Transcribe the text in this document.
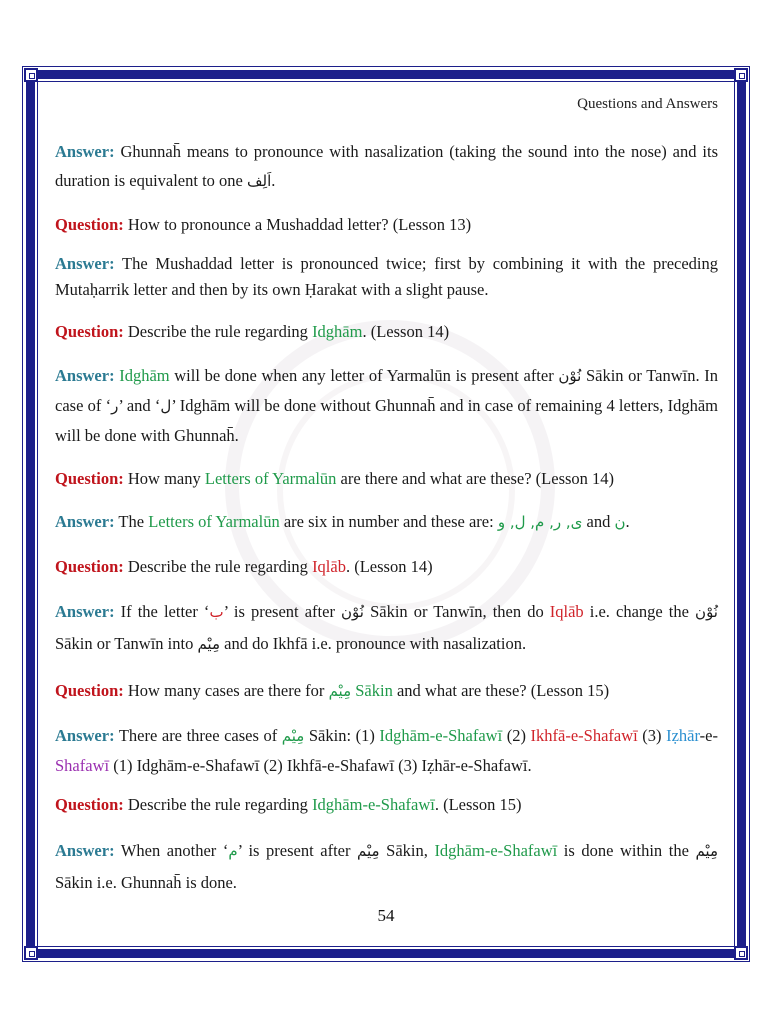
Questions and Answers
Answer: Ghunnah̄ means to pronounce with nasalization (taking the sound into the nose) and its duration is equivalent to one اَلِف.
Question: How to pronounce a Mushaddad letter? (Lesson 13)
Answer: The Mushaddad letter is pronounced twice; first by combining it with the preceding Mutaḥarrik letter and then by its own Ḥarakat with a slight pause.
Question: Describe the rule regarding Idghām. (Lesson 14)
Answer: Idghām will be done when any letter of Yarmalūn is present after نُوْن Sākin or Tanwīn. In case of ‘ر’ and ‘ل’ Idghām will be done without Ghunnah̄ and in case of remaining 4 letters, Idghām will be done with Ghunnah̄.
Question: How many Letters of Yarmalūn are there and what are these? (Lesson 14)
Answer: The Letters of Yarmalūn are six in number and these are: ی, ر, م, ل, و and ن.
Question: Describe the rule regarding Iqlāb. (Lesson 14)
Answer: If the letter ‘ب’ is present after نُوْن Sākin or Tanwīn, then do Iqlāb i.e. change the نُوْن Sākin or Tanwīn into مِيْم and do Ikhfā i.e. pronounce with nasalization.
Question: How many cases are there for مِيْم Sākin and what are these? (Lesson 15)
Answer: There are three cases of مِيْم Sākin: (1) Idghām-e-Shafawī (2) Ikhfā-e-Shafawī (3) Iẓhār-e-Shafawī (1) Idghām-e-Shafawī (2) Ikhfā-e-Shafawī (3) Iẓhār-e-Shafawī.
Question: Describe the rule regarding Idghām-e-Shafawī. (Lesson 15)
Answer: When another ‘م’ is present after مِيْم Sākin, Idghām-e-Shafawī is done within the مِيْم Sākin i.e. Ghunnah̄ is done.
54
